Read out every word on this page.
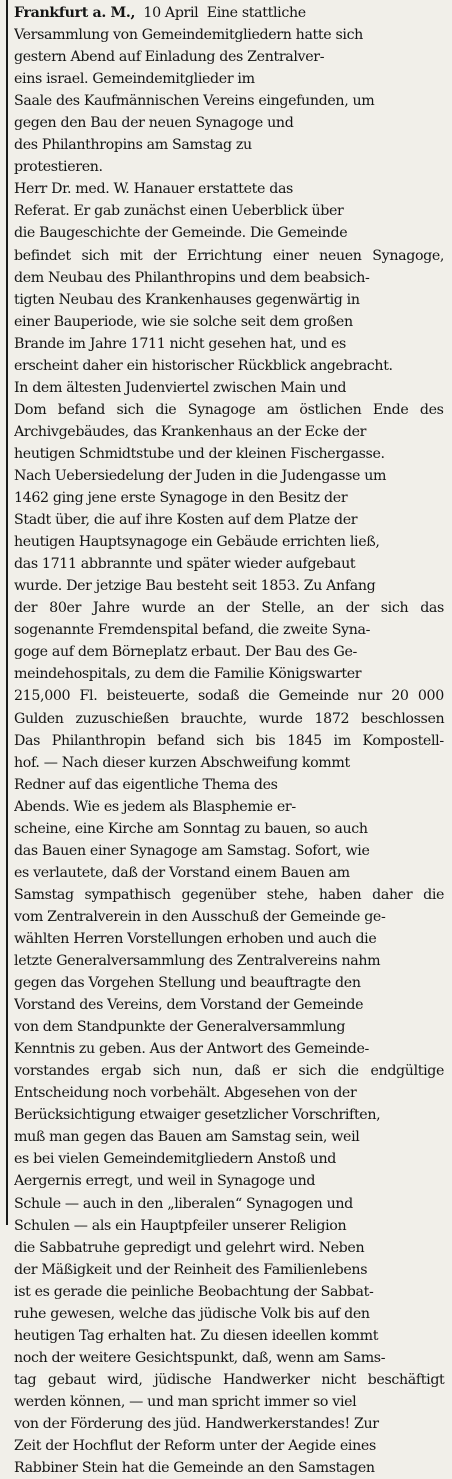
Frankfurt a. M., 10 April Eine stattliche
Versammlung von Gemeindemitgliedern hatte sich
gestern Abend auf Einladung des Zentralver-
eins israel. Gemeindemitglieder im
Saale des Kaufmännischen Vereins eingefunden, um
gegen den Bau der neuen Synagoge und
des Philanthropins am Samstag zu
protestieren.
Herr Dr. med. W. Hanauer erstattete das
Referat. Er gab zunächst einen Ueberblick über
die Baugeschichte der Gemeinde. Die Gemeinde
befindet sich mit der Errichtung einer neuen Synagoge,
dem Neubau des Philanthropins und dem beabsich-
tigten Neubau des Krankenhauses gegenwärtig in
einer Bauperiode, wie sie solche seit dem großen
Brande im Jahre 1711 nicht gesehen hat, und es
erscheint daher ein historischer Rückblick angebracht.
In dem ältesten Judenviertel zwischen Main und
Dom befand sich die Synagoge am östlichen Ende des
Archivgebäudes, das Krankenhaus an der Ecke der
heutigen Schmidtstube und der kleinen Fischergasse.
Nach Uebersiedelung der Juden in die Judengasse um
1462 ging jene erste Synagoge in den Besitz der
Stadt über, die auf ihre Kosten auf dem Platze der
heutigen Hauptsynagoge ein Gebäude errichten ließ,
das 1711 abbrannte und später wieder aufgebaut
wurde. Der jetzige Bau besteht seit 1853. Zu Anfang
der 80er Jahre wurde an der Stelle, an der sich das
sogenannte Fremdenspital befand, die zweite Syna-
goge auf dem Börneplatz erbaut. Der Bau des Ge-
meindehospitals, zu dem die Familie Königswarter
215,000 Fl. beisteuerte, sodaß die Gemeinde nur 20 000
Gulden zuzuschießen brauchte, wurde 1872 beschlossen
Das Philanthropin befand sich bis 1845 im Kompostell-
hof. — Nach dieser kurzen Abschweifung kommt
Redner auf das eigentliche Thema des
Abends. Wie es jedem als Blasphemie er-
scheine, eine Kirche am Sonntag zu bauen, so auch
das Bauen einer Synagoge am Samstag. Sofort, wie
es verlautete, daß der Vorstand einem Bauen am
Samstag sympathisch gegenüber stehe, haben daher die
vom Zentralverein in den Ausschuß der Gemeinde ge-
wählten Herren Vorstellungen erhoben und auch die
letzte Generalversammlung des Zentralvereins nahm
gegen das Vorgehen Stellung und beauftragte den
Vorstand des Vereins, dem Vorstand der Gemeinde
von dem Standpunkte der Generalversammlung
Kenntnis zu geben. Aus der Antwort des Gemeinde-
vorstandes ergab sich nun, daß er sich die endgültige
Entscheidung noch vorbehält. Abgesehen von der
Berücksichtigung etwaiger gesetzlicher Vorschriften,
muß man gegen das Bauen am Samstag sein, weil
es bei vielen Gemeindemitgliedern Anstoß und
Aergernis erregt, und weil in Synagoge und
Schule — auch in den „liberalen“ Synagogen und
Schulen — als ein Hauptpfeiler unserer Religion
die Sabbatruhe gepredigt und gelehrt wird. Neben
der Mäßigkeit und der Reinheit des Familienlebens
ist es gerade die peinliche Beobachtung der Sabbat-
ruhe gewesen, welche das jüdische Volk bis auf den
heutigen Tag erhalten hat. Zu diesen ideellen kommt
noch der weitere Gesichtspunkt, daß, wenn am Sams-
tag gebaut wird, jüdische Handwerker nicht beschäftigt
werden können, — und man spricht immer so viel
von der Förderung des jüd. Handwerkerstandes! Zur
Zeit der Hochflut der Reform unter der Aegide eines
Rabbiner Stein hat die Gemeinde an den Samstagen
